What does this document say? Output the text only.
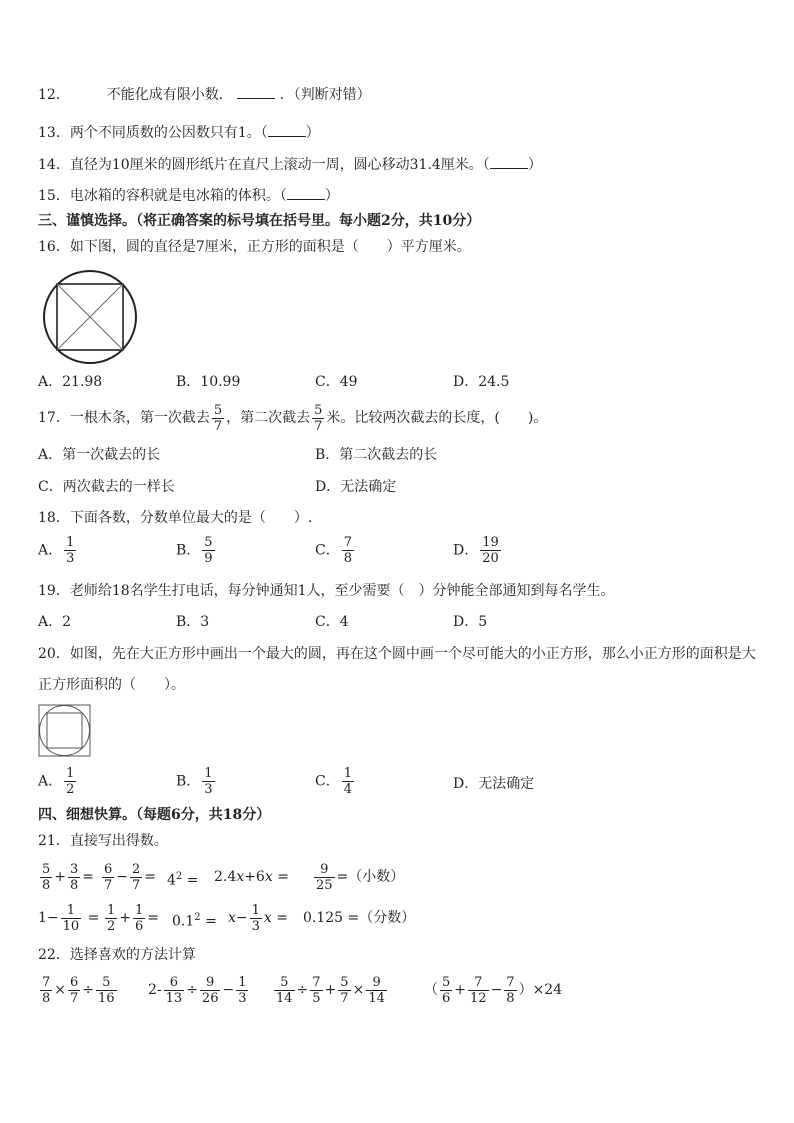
12．	不能化成有限小数．	．（判断对错）
13．两个不同质数的公因数只有1。（	）
14．直径为10厘米的圆形纸片在直尺上滚动一周，圆心移动31.4厘米。（	）
15．电冰箱的容积就是电冰箱的体积。（	）
三、谨慎选择。（将正确答案的标号填在括号里。每小题2分，共10分）
16．如下图，圆的直径是7厘米，正方形的面积是（　　）平方厘米。
A．21.98	B．10.99	C．49	D．24.5
17．一根木条，第一次截去 $\frac{5}{7}$ ，第二次截去 $\frac{5}{7}$ 米。比较两次截去的长度，(　　)。
A．第一次截去的长	B．第二次截去的长
C．两次截去的一样长	D．无法确定
18．下面各数，分数单位最大的是（　　）.
A． $\frac{1}{3}$	B． $\frac{5}{9}$	C． $\frac{7}{8}$	D． $\frac{19}{20}$
19．老师给18名学生打电话，每分钟通知1人，至少需要（　）分钟能全部通知到每名学生。
A．2	B．3	C．4	D．5
20．如图，先在大正方形中画出一个最大的圆，再在这个圆中画一个尽可能大的小正方形，那么小正方形的面积是大
正方形面积的（　　）。
A． $\frac{1}{2}$	B． $\frac{1}{3}$	C． $\frac{1}{4}$	D．无法确定
四、细想快算。（每题6分，共18分）
21．直接写出得数。
$\frac{5}{8} + \frac{3}{8} = \frac{6}{7} - \frac{2}{7} = 4^2 = 2.4x+6x = \frac{9}{25}$ =（小数）
$1- \frac{1}{10} = \frac{1}{2} + \frac{1}{6} = 0.1^2 = x- \frac{1}{3}$ x = 0.125 =（分数）
22．选择喜欢的方法计算
$\frac{7}{8} \times \frac{6}{7} \div \frac{5}{16} 2- \frac{6}{13} \div \frac{9}{26} - \frac{1}{3} \frac{5}{14} \div \frac{7}{5} + \frac{5}{7} \times \frac{9}{14}$	（ $\frac{5}{6} + \frac{7}{12} - \frac{7}{8} )\times 24$
